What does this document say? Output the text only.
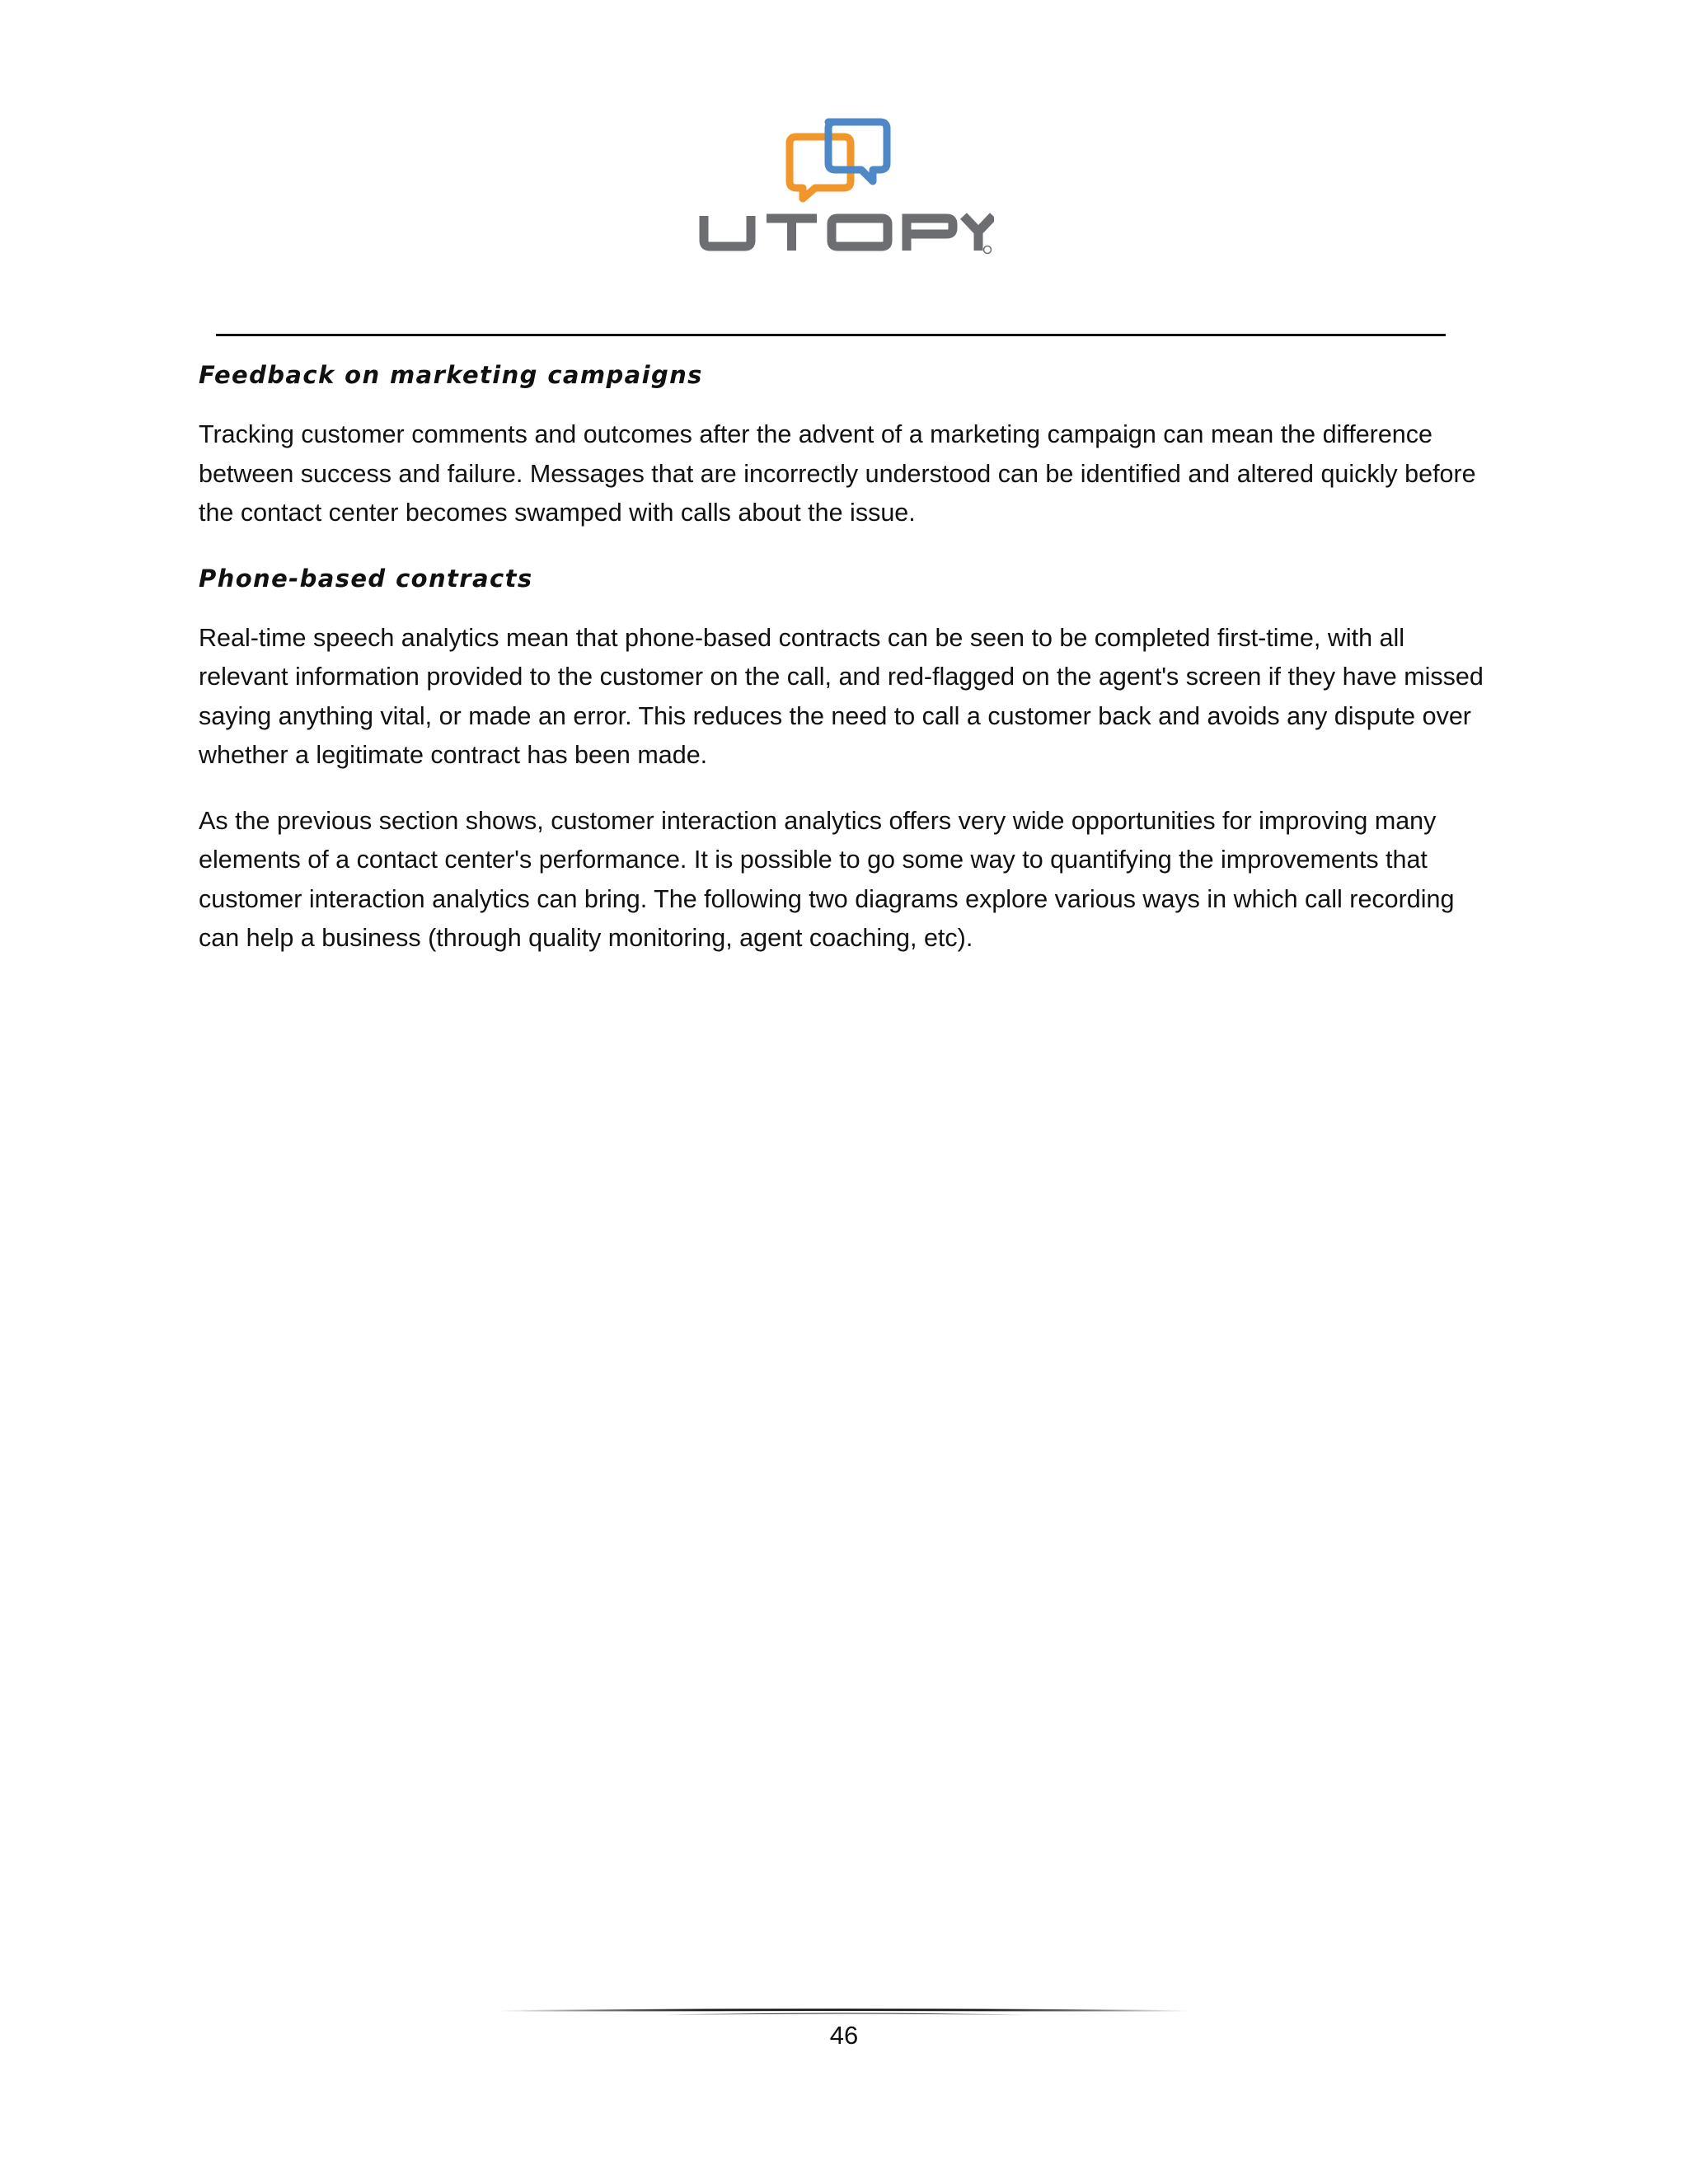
Feedback on marketing campaigns

Tracking customer comments and outcomes after the advent of a marketing campaign can mean the difference between success and failure. Messages that are incorrectly understood can be identified and altered quickly before the contact center becomes swamped with calls about the issue.

Phone-based contracts

Real-time speech analytics mean that phone-based contracts can be seen to be completed first-time, with all relevant information provided to the customer on the call, and red-flagged on the agent's screen if they have missed saying anything vital, or made an error. This reduces the need to call a customer back and avoids any dispute over whether a legitimate contract has been made.

As the previous section shows, customer interaction analytics offers very wide opportunities for improving many elements of a contact center's performance. It is possible to go some way to quantifying the improvements that customer interaction analytics can bring. The following two diagrams explore various ways in which call recording can help a business (through quality monitoring, agent coaching, etc).

46
